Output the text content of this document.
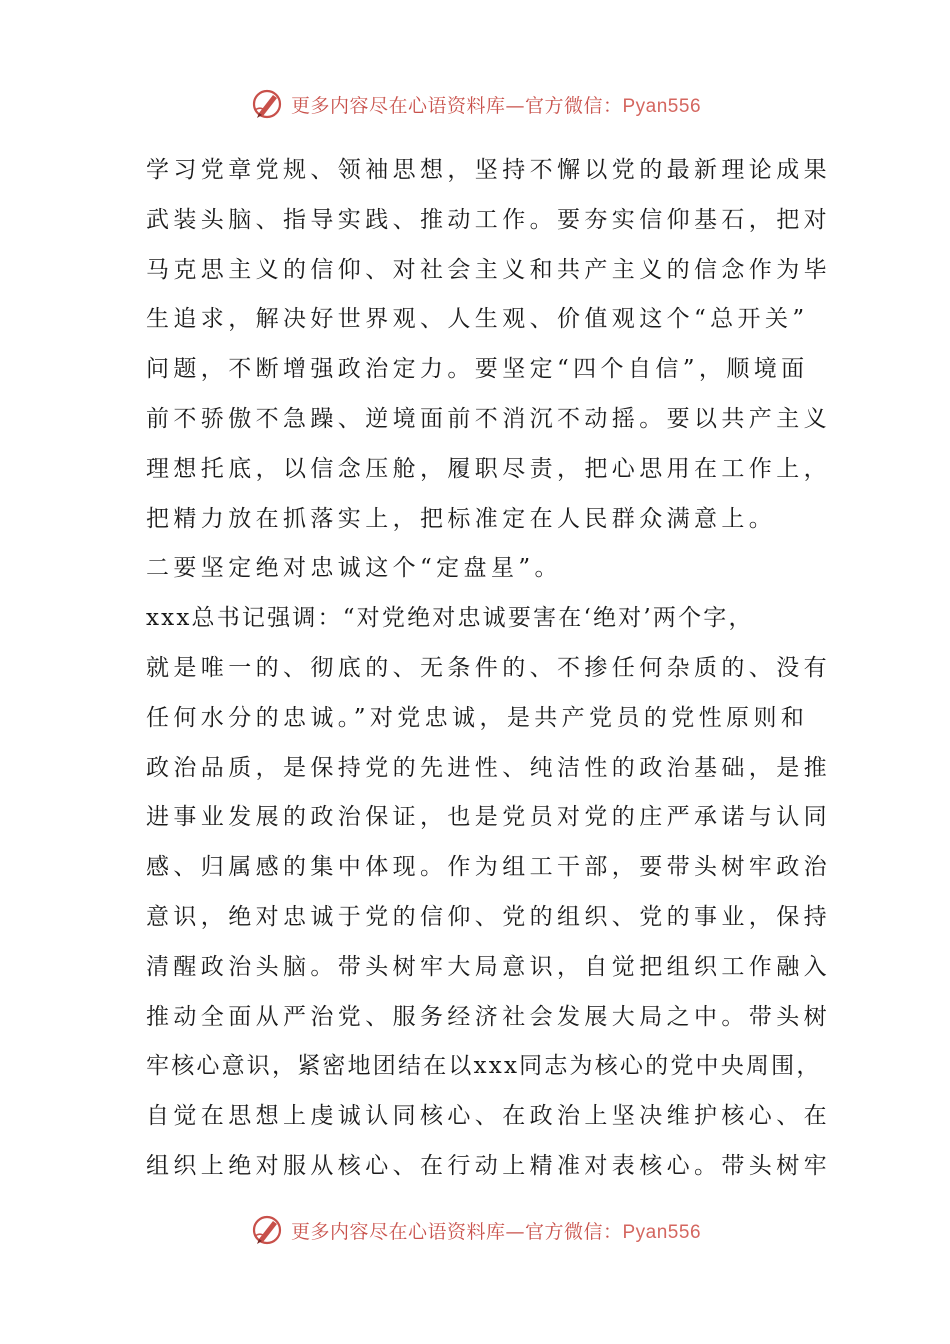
更多内容尽在心语资料库—官方微信：Pyan556
学习党章党规、领袖思想，坚持不懈以党的最新理论成果
武装头脑、指导实践、推动工作。要夯实信仰基石，把对
马克思主义的信仰、对社会主义和共产主义的信念作为毕
生追求，解决好世界观、人生观、价值观这个“总开关”
问题，不断增强政治定力。要坚定“四个自信”，顺境面
前不骄傲不急躁、逆境面前不消沉不动摇。要以共产主义
理想托底，以信念压舱，履职尽责，把心思用在工作上，
把精力放在抓落实上，把标准定在人民群众满意上。
二要坚定绝对忠诚这个“定盘星”。
xxx总书记强调：“对党绝对忠诚要害在‘绝对’两个字，
就是唯一的、彻底的、无条件的、不掺任何杂质的、没有
任何水分的忠诚。”对党忠诚，是共产党员的党性原则和
政治品质，是保持党的先进性、纯洁性的政治基础，是推
进事业发展的政治保证，也是党员对党的庄严承诺与认同
感、归属感的集中体现。作为组工干部，要带头树牢政治
意识，绝对忠诚于党的信仰、党的组织、党的事业，保持
清醒政治头脑。带头树牢大局意识，自觉把组织工作融入
推动全面从严治党、服务经济社会发展大局之中。带头树
牢核心意识，紧密地团结在以xxx同志为核心的党中央周围，
自觉在思想上虔诚认同核心、在政治上坚决维护核心、在
组织上绝对服从核心、在行动上精准对表核心。带头树牢
更多内容尽在心语资料库—官方微信：Pyan556
